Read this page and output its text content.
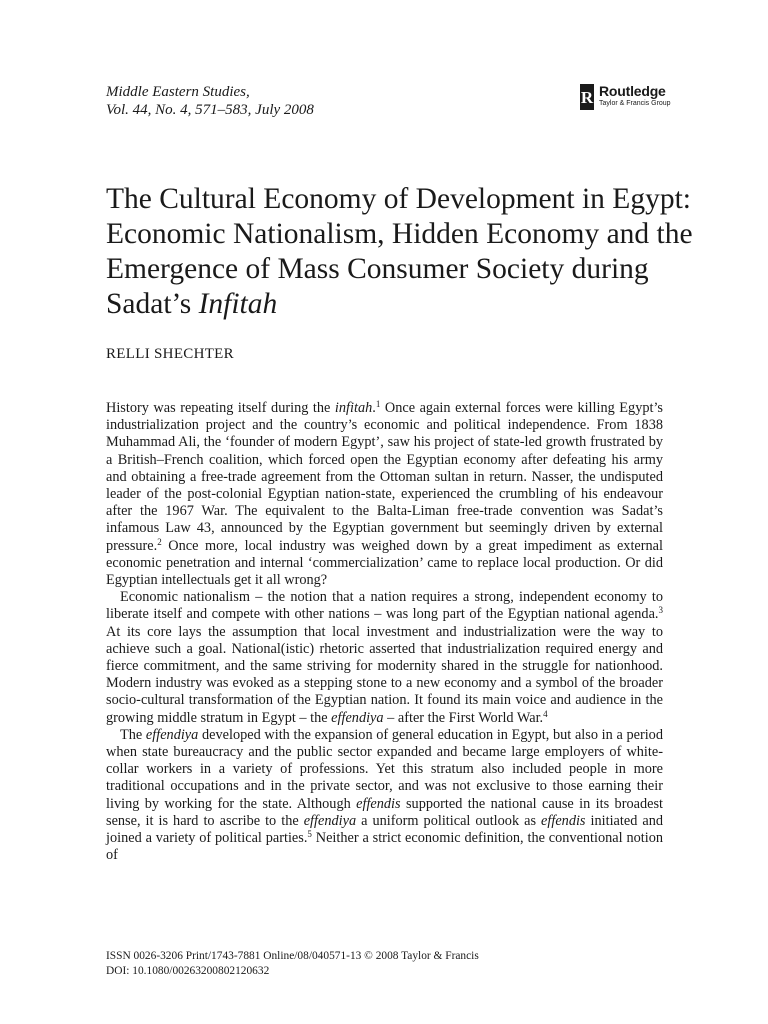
Middle Eastern Studies,
Vol. 44, No. 4, 571–583, July 2008
R Routledge
Taylor & Francis Group
The Cultural Economy of Development in Egypt: Economic Nationalism, Hidden Economy and the Emergence of Mass Consumer Society during Sadat’s Infitah
RELLI SHECHTER

History was repeating itself during the infitah.$^1$ Once again external forces were killing Egypt’s industrialization project and the country’s economic and political independence. From 1838 Muhammad Ali, the ‘founder of modern Egypt’, saw his project of state-led growth frustrated by a British–French coalition, which forced open the Egyptian economy after defeating his army and obtaining a free-trade agreement from the Ottoman sultan in return. Nasser, the undisputed leader of the post-colonial Egyptian nation-state, experienced the crumbling of his endeavour after the 1967 War. The equivalent to the Balta-Liman free-trade convention was Sadat’s infamous Law 43, announced by the Egyptian government but seemingly driven by external pressure.$^2$ Once more, local industry was weighed down by a great impediment as external economic penetration and internal ‘commercialization’ came to replace local production. Or did Egyptian intellectuals get it all wrong?

Economic nationalism – the notion that a nation requires a strong, independent economy to liberate itself and compete with other nations – was long part of the Egyptian national agenda.$^3$ At its core lays the assumption that local investment and industrialization were the way to achieve such a goal. National(istic) rhetoric asserted that industrialization required energy and fierce commitment, and the same striving for modernity shared in the struggle for nationhood. Modern industry was evoked as a stepping stone to a new economy and a symbol of the broader socio-cultural transformation of the Egyptian nation. It found its main voice and audience in the growing middle stratum in Egypt – the effendiya – after the First World War.$^4$

The effendiya developed with the expansion of general education in Egypt, but also in a period when state bureaucracy and the public sector expanded and became large employers of white-collar workers in a variety of professions. Yet this stratum also included people in more traditional occupations and in the private sector, and was not exclusive to those earning their living by working for the state. Although effendis supported the national cause in its broadest sense, it is hard to ascribe to the effendiya a uniform political outlook as effendis initiated and joined a variety of political parties.$^5$ Neither a strict economic definition, the conventional notion of

ISSN 0026-3206 Print/1743-7881 Online/08/040571-13 © 2008 Taylor & Francis
DOI: 10.1080/00263200802120632
